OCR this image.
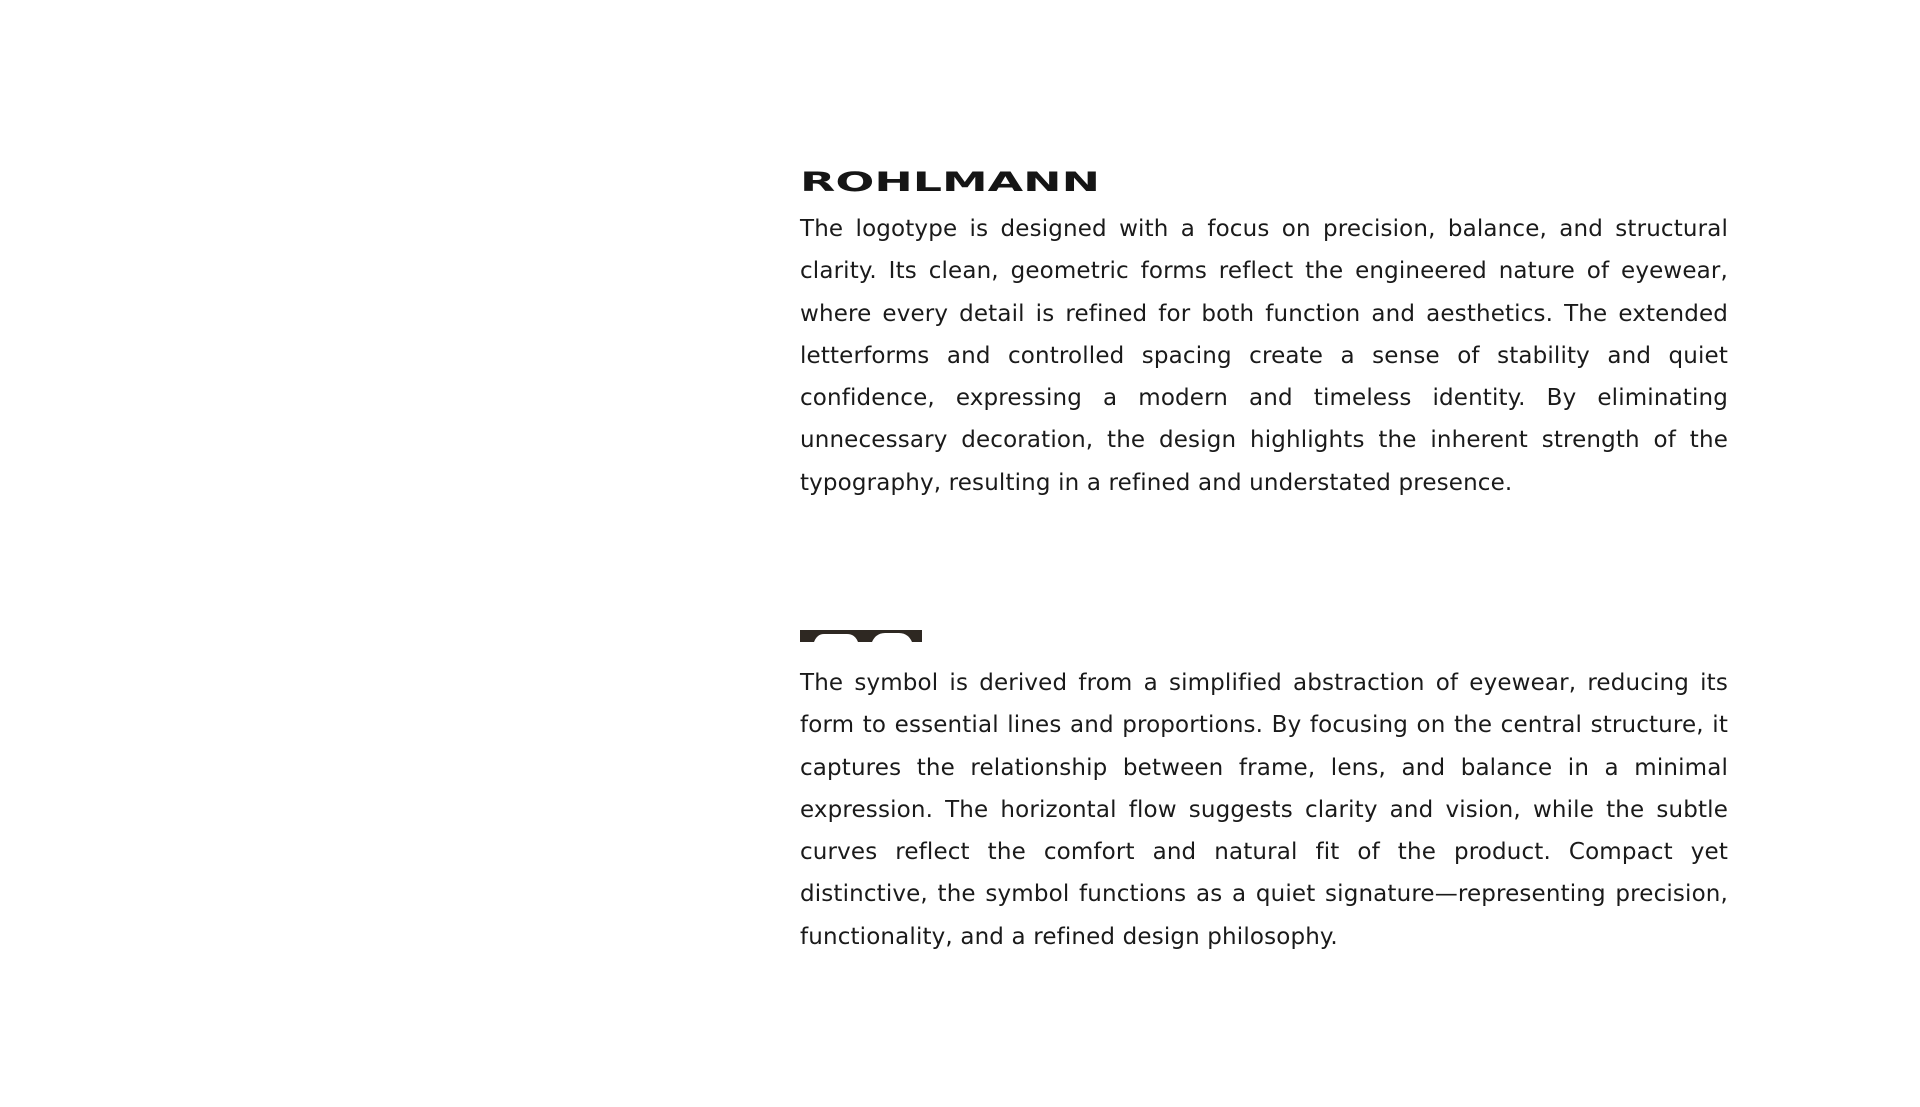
ROHLMANN

The logotype is designed with a focus on precision, balance, and structural clarity. Its clean, geometric forms reflect the engineered nature of eyewear, where every detail is refined for both function and aesthetics. The extended letterforms and controlled spacing create a sense of stability and quiet confidence, expressing a modern and timeless identity. By eliminating unnecessary decoration, the design highlights the inherent strength of the typography, resulting in a refined and understated presence.

The symbol is derived from a simplified abstraction of eyewear, reducing its form to essential lines and proportions. By focusing on the central structure, it captures the relationship between frame, lens, and balance in a minimal expression. The horizontal flow suggests clarity and vision, while the subtle curves reflect the comfort and natural fit of the product. Compact yet distinctive, the symbol functions as a quiet signature—representing precision, functionality, and a refined design philosophy.
